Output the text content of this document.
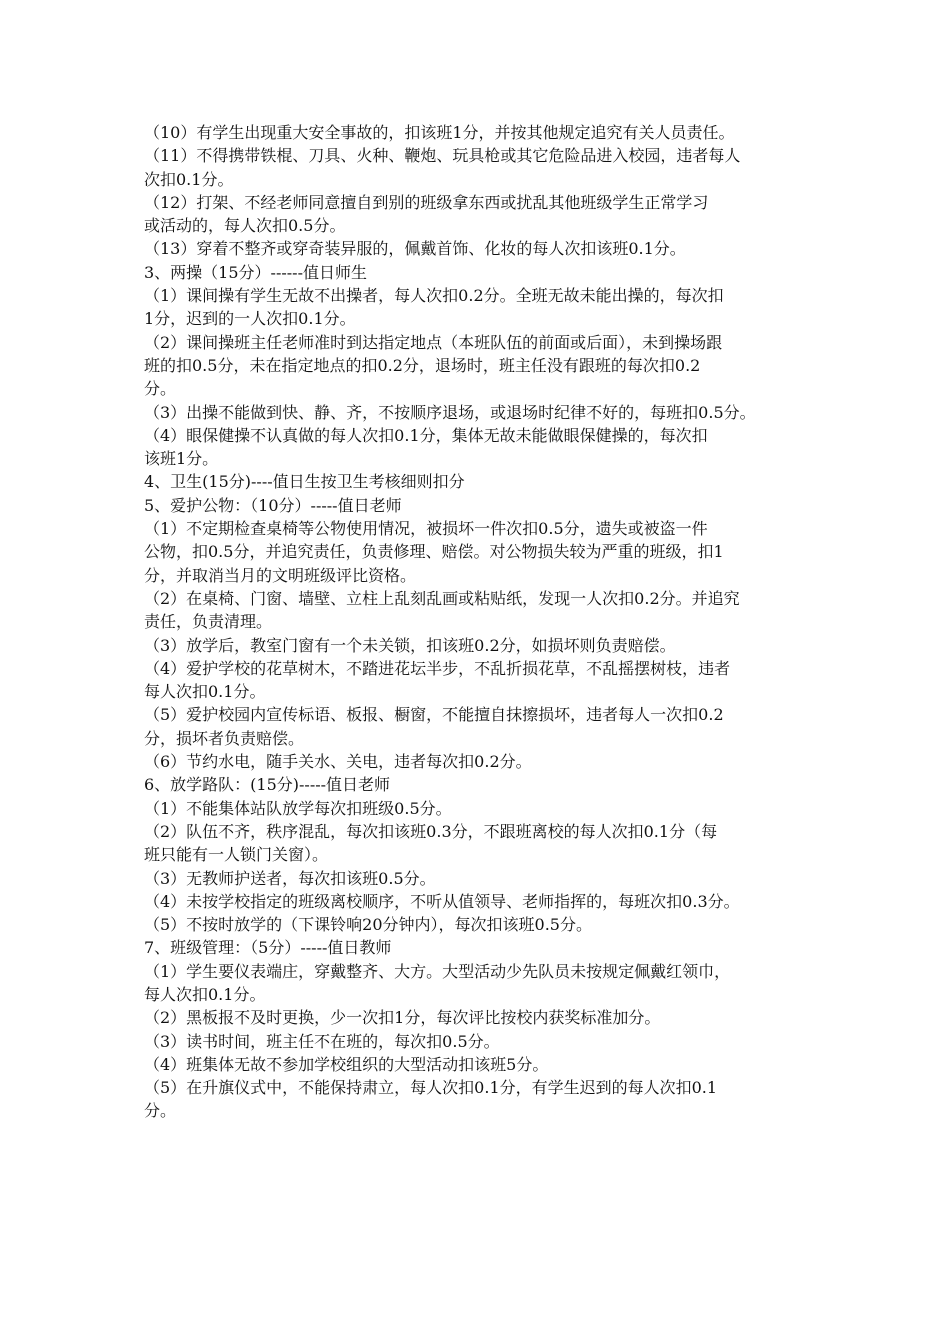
（10）有学生出现重大安全事故的，扣该班1分，并按其他规定追究有关人员责任。
（11）不得携带铁棍、刀具、火种、鞭炮、玩具枪或其它危险品进入校园，违者每人
次扣0.1分。
（12）打架、不经老师同意擅自到别的班级拿东西或扰乱其他班级学生正常学习
或活动的，每人次扣0.5分。
（13）穿着不整齐或穿奇装异服的，佩戴首饰、化妆的每人次扣该班0.1分。
3、两操（15分）------值日师生
（1）课间操有学生无故不出操者，每人次扣0.2分。全班无故未能出操的，每次扣
1分，迟到的一人次扣0.1分。
（2）课间操班主任老师准时到达指定地点（本班队伍的前面或后面），未到操场跟
班的扣0.5分，未在指定地点的扣0.2分，退场时，班主任没有跟班的每次扣0.2
分。
（3）出操不能做到快、静、齐，不按顺序退场，或退场时纪律不好的，每班扣0.5分。
（4）眼保健操不认真做的每人次扣0.1分，集体无故未能做眼保健操的，每次扣
该班1分。
4、卫生(15分)----值日生按卫生考核细则扣分
5、爱护公物：（10分）-----值日老师
（1）不定期检查桌椅等公物使用情况，被损坏一件次扣0.5分，遗失或被盗一件
公物，扣0.5分，并追究责任，负责修理、赔偿。对公物损失较为严重的班级，扣1
分，并取消当月的文明班级评比资格。
（2）在桌椅、门窗、墙壁、立柱上乱刻乱画或粘贴纸，发现一人次扣0.2分。并追究
责任，负责清理。
（3）放学后，教室门窗有一个未关锁，扣该班0.2分，如损坏则负责赔偿。
（4）爱护学校的花草树木，不踏进花坛半步，不乱折损花草，不乱摇摆树枝，违者
每人次扣0.1分。
（5）爱护校园内宣传标语、板报、橱窗，不能擅自抹擦损坏，违者每人一次扣0.2
分，损坏者负责赔偿。
（6）节约水电，随手关水、关电，违者每次扣0.2分。
6、放学路队：(15分)-----值日老师
（1）不能集体站队放学每次扣班级0.5分。
（2）队伍不齐，秩序混乱，每次扣该班0.3分，不跟班离校的每人次扣0.1分（每
班只能有一人锁门关窗）。
（3）无教师护送者，每次扣该班0.5分。
（4）未按学校指定的班级离校顺序，不听从值领导、老师指挥的，每班次扣0.3分。
（5）不按时放学的（下课铃响20分钟内），每次扣该班0.5分。
7、班级管理：（5分）-----值日教师
（1）学生要仪表端庄，穿戴整齐、大方。大型活动少先队员未按规定佩戴红领巾，
每人次扣0.1分。
（2）黑板报不及时更换，少一次扣1分，每次评比按校内获奖标准加分。
（3）读书时间，班主任不在班的，每次扣0.5分。
（4）班集体无故不参加学校组织的大型活动扣该班5分。
（5）在升旗仪式中，不能保持肃立，每人次扣0.1分，有学生迟到的每人次扣0.1
分。
